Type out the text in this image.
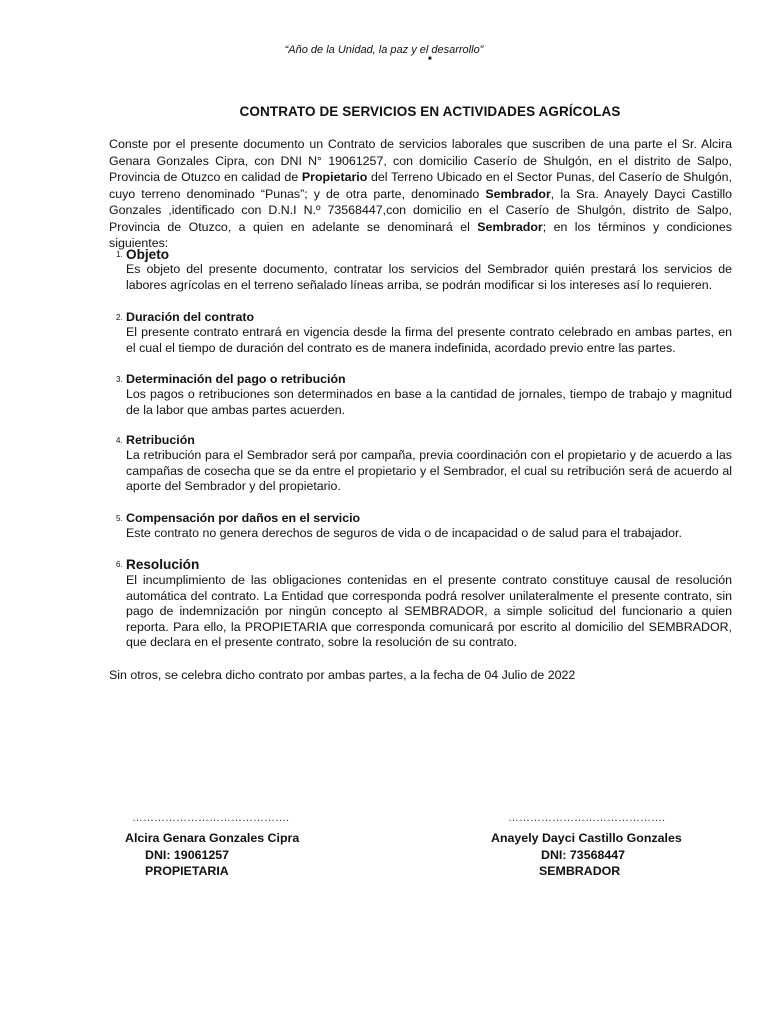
“Año de la Unidad, la paz y el desarrollo”
■
CONTRATO DE SERVICIOS EN ACTIVIDADES AGRÍCOLAS
Conste por el presente documento un Contrato de servicios laborales que suscriben de una parte el Sr. Alcira Genara Gonzales Cipra, con DNI N° 19061257, con domicilio Caserío de Shulgón, en el distrito de Salpo, Provincia de Otuzco en calidad de Propietario del Terreno Ubicado en el Sector Punas, del Caserío de Shulgón, cuyo terreno denominado “Punas”; y de otra parte, denominado Sembrador, la Sra. Anayely Dayci Castillo Gonzales ,identificado con D.N.I N.º 73568447,con domicilio en el Caserío de Shulgón, distrito de Salpo, Provincia de Otuzco, a quien en adelante se denominará el Sembrador; en los términos y condiciones siguientes:
1. Objeto
Es objeto del presente documento, contratar los servicios del Sembrador quién prestará los servicios de labores agrícolas en el terreno señalado líneas arriba, se podrán modificar si los intereses así lo requieren.
2. Duración del contrato
El presente contrato entrará en vigencia desde la firma del presente contrato celebrado en ambas partes, en el cual el tiempo de duración del contrato es de manera indefinida, acordado previo entre las partes.
3. Determinación del pago o retribución
Los pagos o retribuciones son determinados en base a la cantidad de jornales, tiempo de trabajo y magnitud de la labor que ambas partes acuerden.
4. Retribución
La retribución para el Sembrador será por campaña, previa coordinación con el propietario y de acuerdo a las campañas de cosecha que se da entre el propietario y el Sembrador, el cual su retribución será de acuerdo al aporte del Sembrador y del propietario.
5. Compensación por daños en el servicio
Este contrato no genera derechos de seguros de vida o de incapacidad o de salud para el trabajador.
6. Resolución
El incumplimiento de las obligaciones contenidas en el presente contrato constituye causal de resolución automática del contrato. La Entidad que corresponda podrá resolver unilateralmente el presente contrato, sin pago de indemnización por ningún concepto al SEMBRADOR, a simple solicitud del funcionario a quien reporta. Para ello, la PROPIETARIA que corresponda comunicará por escrito al domicilio del SEMBRADOR, que declara en el presente contrato, sobre la resolución de su contrato.
Sin otros, se celebra dicho contrato por ambas partes, a la fecha de 04 Julio de 2022
…………………………………….	…………………………………….
Alcira Genara Gonzales Cipra
DNI: 19061257
PROPIETARIA
Anayely Dayci Castillo Gonzales
DNI: 73568447
SEMBRADOR
